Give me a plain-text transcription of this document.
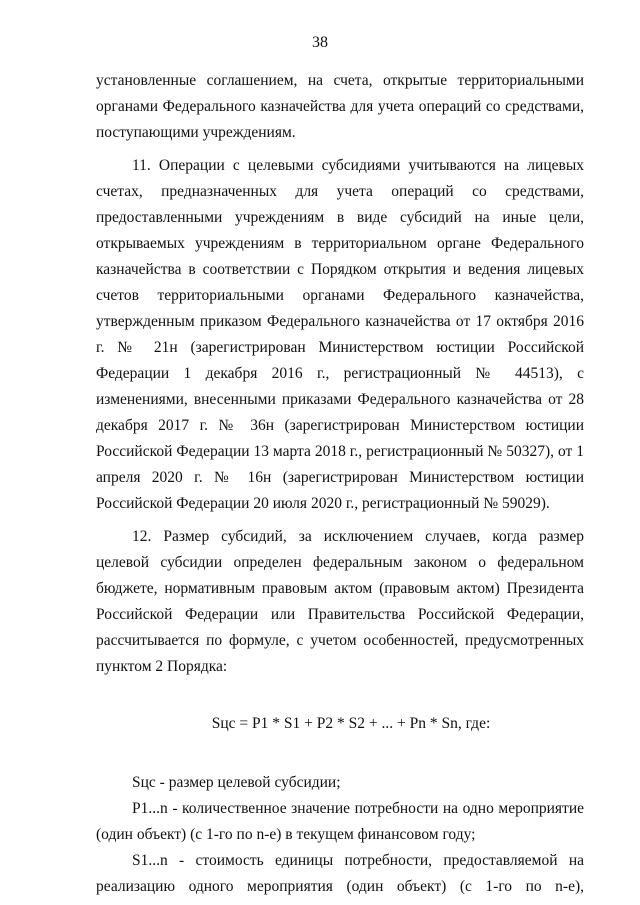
38

установленные соглашением, на счета, открытые территориальными органами Федерального казначейства для учета операций со средствами, поступающими учреждениям.

11. Операции с целевыми субсидиями учитываются на лицевых счетах, предназначенных для учета операций со средствами, предоставленными учреждениям в виде субсидий на иные цели, открываемых учреждениям в территориальном органе Федерального казначейства в соответствии с Порядком открытия и ведения лицевых счетов территориальными органами Федерального казначейства, утвержденным приказом Федерального казначейства от 17 октября 2016 г. № 21н (зарегистрирован Министерством юстиции Российской Федерации 1 декабря 2016 г., регистрационный № 44513), с изменениями, внесенными приказами Федерального казначейства от 28 декабря 2017 г. № 36н (зарегистрирован Министерством юстиции Российской Федерации 13 марта 2018 г., регистрационный № 50327), от 1 апреля 2020 г. № 16н (зарегистрирован Министерством юстиции Российской Федерации 20 июля 2020 г., регистрационный № 59029).

12. Размер субсидий, за исключением случаев, когда размер целевой субсидии определен федеральным законом о федеральном бюджете, нормативным правовым актом (правовым актом) Президента Российской Федерации или Правительства Российской Федерации, рассчитывается по формуле, с учетом особенностей, предусмотренных пунктом 2 Порядка:

Sцс = P1 * S1 + P2 * S2 + ... + Pn * Sn, где:

Sцс - размер целевой субсидии;

P1...n - количественное значение потребности на одно мероприятие (один объект) (с 1-го по n-е) в текущем финансовом году;

S1...n - стоимость единицы потребности, предоставляемой на реализацию одного мероприятия (один объект) (с 1-го по n-е),
